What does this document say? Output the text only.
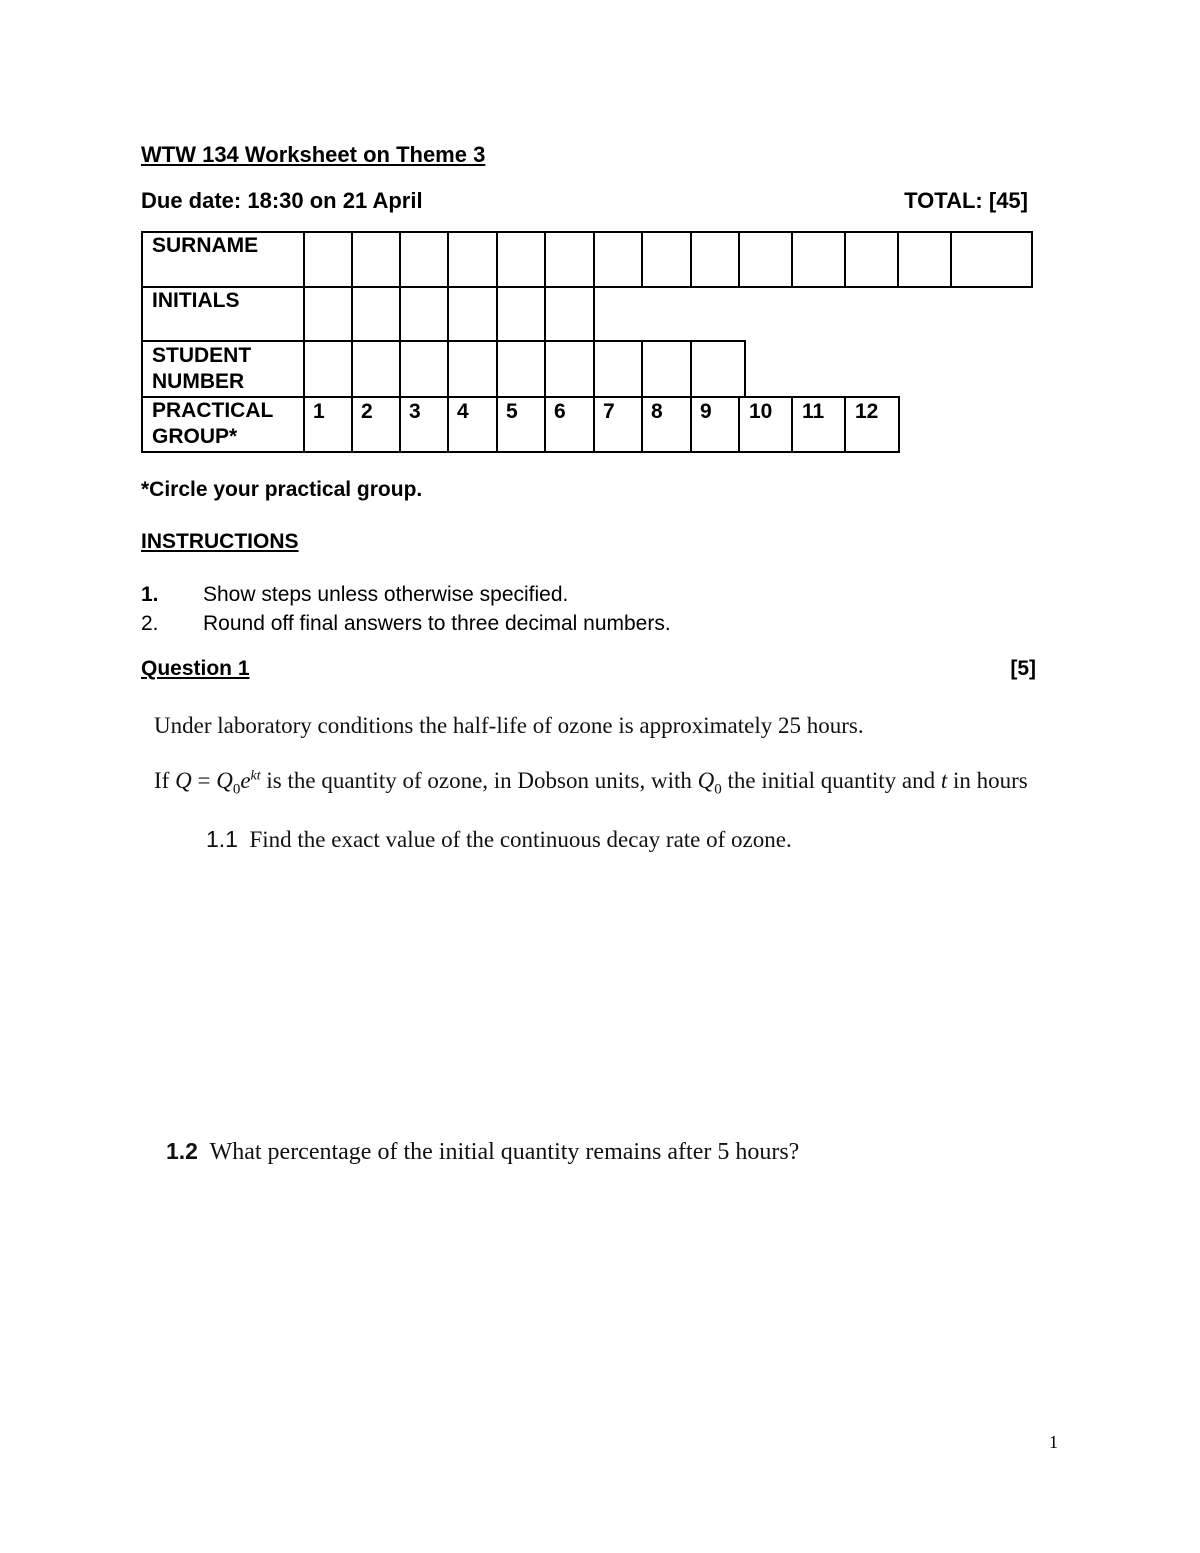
WTW 134 Worksheet on Theme 3
Due date: 18:30 on 21 April	TOTAL: [45]
SURNAME
INITIALS
STUDENT
NUMBER
PRACTICAL
GROUP*
1 2 3 4 5 6 7 8 9 10 11 12
*Circle your practical group.
INSTRUCTIONS
1. Show steps unless otherwise specified.
2. Round off final answers to three decimal numbers.
Question 1	[5]
Under laboratory conditions the half-life of ozone is approximately 25 hours.
If $Q = Q_0e^{kt}$ is the quantity of ozone, in Dobson units, with $Q_0$ the initial quantity and t in hours
1.1 Find the exact value of the continuous decay rate of ozone.
1.2 What percentage of the initial quantity remains after 5 hours?
1
